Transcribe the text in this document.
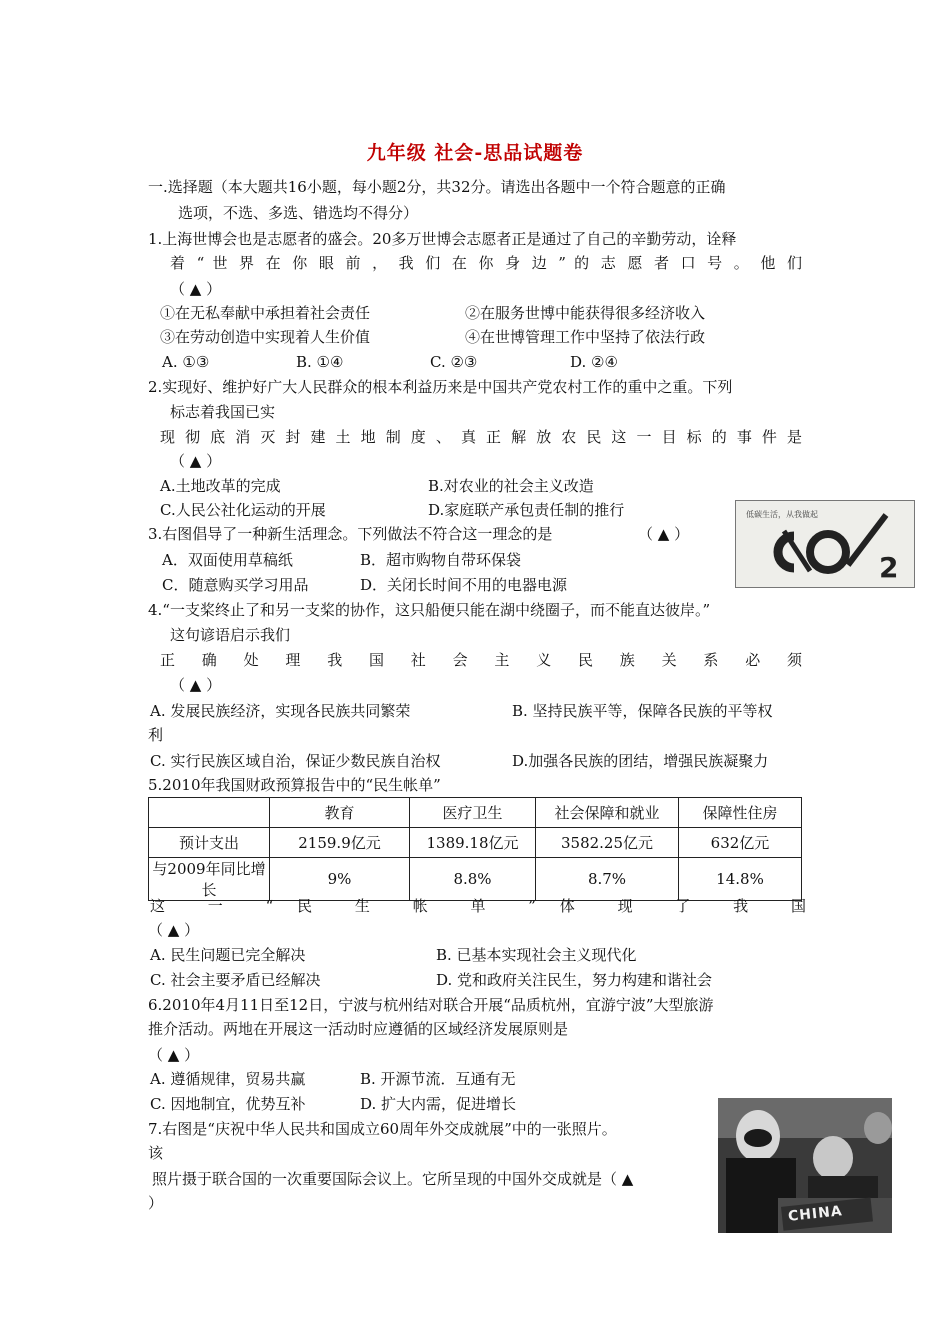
九年级 社会-思品试题卷
一.选择题（本大题共16小题，每小题2分，共32分。请选出各题中一个符合题意的正确
选项，不选、多选、错选均不得分）
1.上海世博会也是志愿者的盛会。20多万世博会志愿者正是通过了自己的辛勤劳动，诠释
着 “ 世 界 在 你 眼 前 ， 我 们 在 你 身 边 ” 的 志 愿 者 口 号 。 他 们
（ ▲ ）
①在无私奉献中承担着社会责任	②在服务世博中能获得很多经济收入
③在劳动创造中实现着人生价值	④在世博管理工作中坚持了依法行政
A. ①③	B. ①④	C. ②③	D. ②④
2.实现好、维护好广大人民群众的根本利益历来是中国共产党农村工作的重中之重。下列
标志着我国已实
现 彻 底 消 灭 封 建 土 地 制 度 、 真 正 解 放 农 民 这 一 目 标 的 事 件 是
（ ▲ ）
A.土地改革的完成	B.对农业的社会主义改造
C.人民公社化运动的开展	D.家庭联产承包责任制的推行
3.右图倡导了一种新生活理念。下列做法不符合这一理念的是	（ ▲ ）
A．双面使用草稿纸	B．超市购物自带环保袋
C．随意购买学习用品	D．关闭长时间不用的电器电源
低碳生活，从我做起
2
4.“一支桨终止了和另一支桨的协作，这只船便只能在湖中绕圈子，而不能直达彼岸。”
这句谚语启示我们
正 确 处 理 我 国 社 会 主 义 民 族 关 系 必 须
（ ▲ ）
A. 发展民族经济，实现各民族共同繁荣	B. 坚持民族平等，保障各民族的平等权
利
C. 实行民族区域自治，保证少数民族自治权	D.加强各民族的团结，增强民族凝聚力
5.2010年我国财政预算报告中的“民生帐单”
	教育	医疗卫生	社会保障和就业	保障性住房
预计支出	2159.9亿元	1389.18亿元	3582.25亿元	632亿元
与2009年同比增长	9%	8.8%	8.7%	14.8%
这 一 “ 民 生 帐 单 ” 体 现 了 我 国
（ ▲ ）
A. 民生问题已完全解决	B. 已基本实现社会主义现代化
C. 社会主要矛盾已经解决	D. 党和政府关注民生，努力构建和谐社会
6.2010年4月11日至12日，宁波与杭州结对联合开展“品质杭州，宜游宁波”大型旅游
推介活动。两地在开展这一活动时应遵循的区域经济发展原则是
（ ▲ ）
A. 遵循规律，贸易共赢	B. 开源节流．互通有无
C. 因地制宜，优势互补	D. 扩大内需，促进增长
7.右图是“庆祝中华人民共和国成立60周年外交成就展”中的一张照片。
该
照片摄于联合国的一次重要国际会议上。它所呈现的中国外交成就是（ ▲
）
CHINA
